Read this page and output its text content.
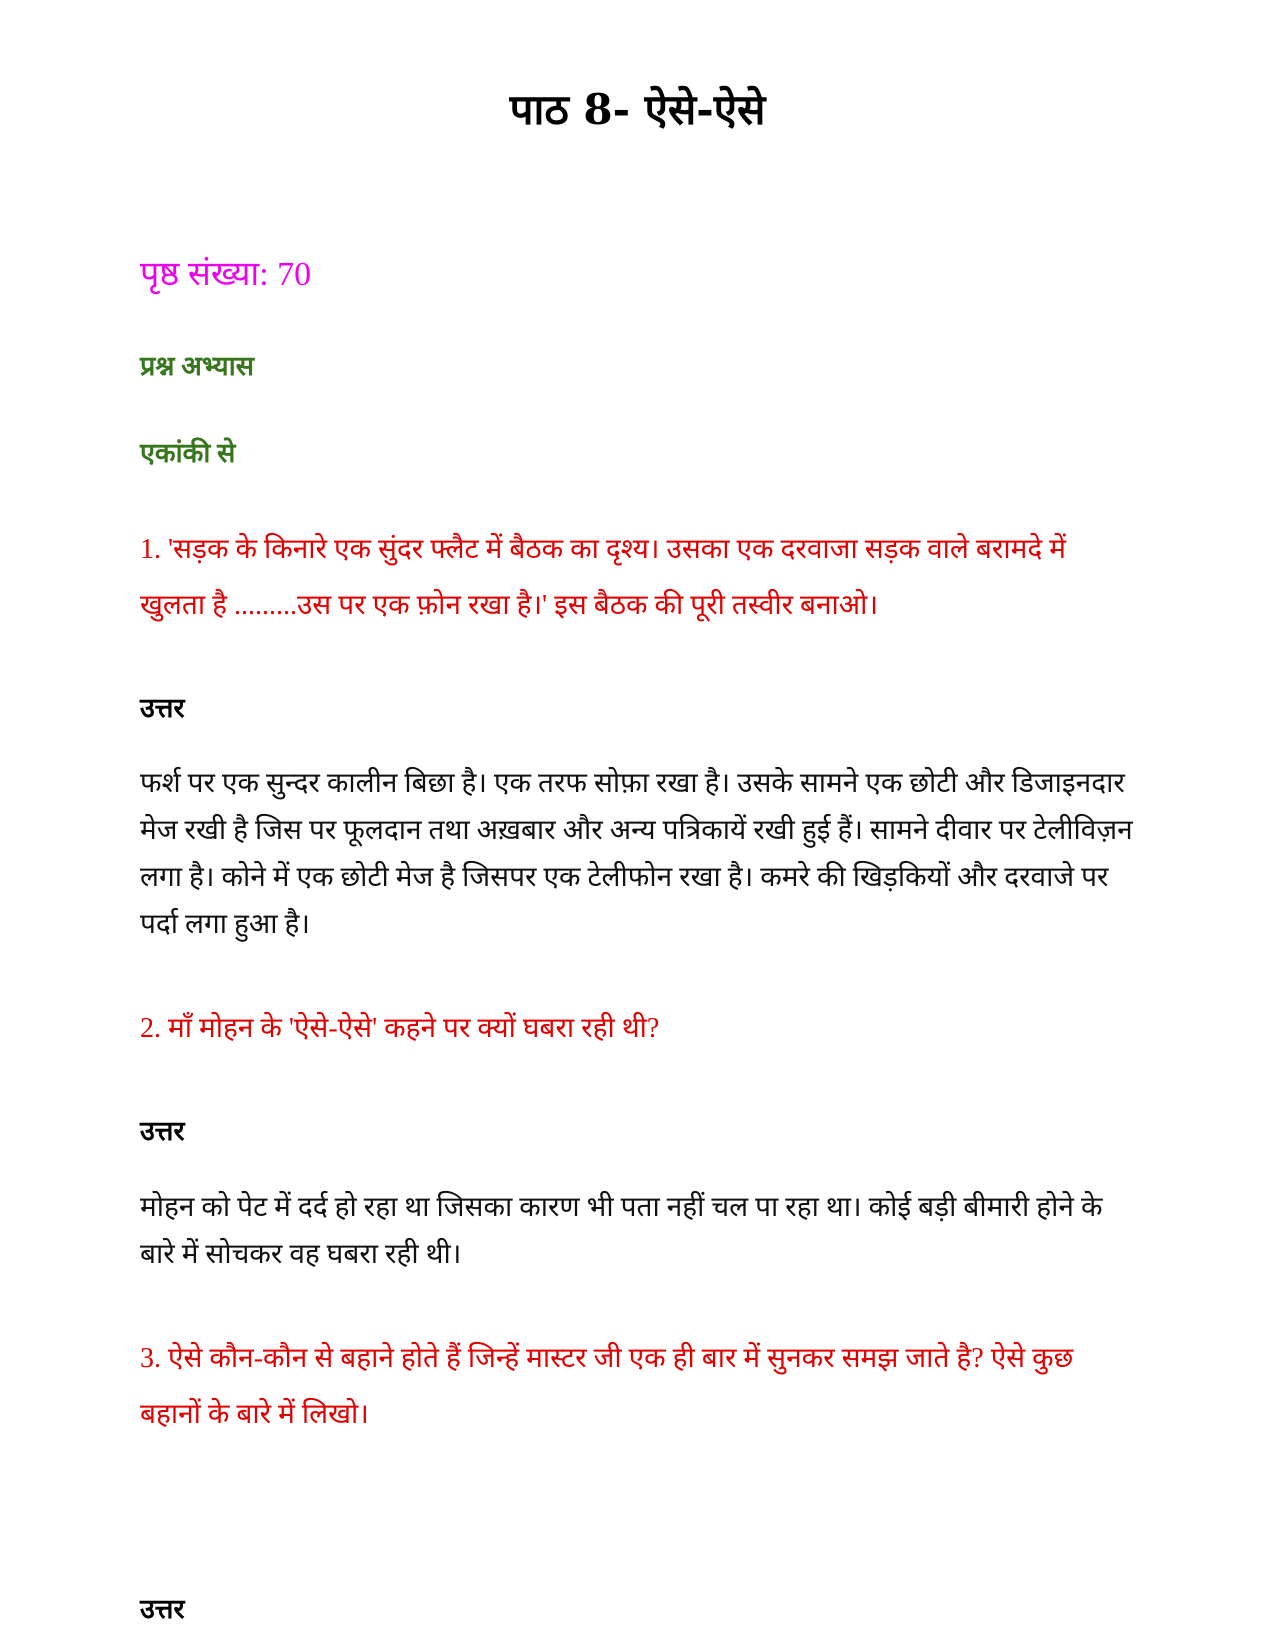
पाठ 8- ऐसे-ऐसे

पृष्ठ संख्या: 70

प्रश्न अभ्यास
एकांकी से

1. 'सड़क के किनारे एक सुंदर फ्लैट में बैठक का दृश्य। उसका एक दरवाजा सड़क वाले बरामदे में खुलता है .........उस पर एक फ़ोन रखा है।' इस बैठक की पूरी तस्वीर बनाओ।

उत्तर

फर्श पर एक सुन्दर कालीन बिछा है। एक तरफ सोफ़ा रखा है। उसके सामने एक छोटी और डिजाइनदार मेज रखी है जिस पर फूलदान तथा अख़बार और अन्य पत्रिकायें रखी हुई हैं। सामने दीवार पर टेलीविज़न लगा है। कोने में एक छोटी मेज है जिसपर एक टेलीफोन रखा है। कमरे की खिड़कियों और दरवाजे पर पर्दा लगा हुआ है।

2. माँ मोहन के 'ऐसे-ऐसे' कहने पर क्यों घबरा रही थी?

उत्तर

मोहन को पेट में दर्द हो रहा था जिसका कारण भी पता नहीं चल पा रहा था। कोई बड़ी बीमारी होने के बारे में सोचकर वह घबरा रही थी।

3. ऐसे कौन-कौन से बहाने होते हैं जिन्हें मास्टर जी एक ही बार में सुनकर समझ जाते है? ऐसे कुछ बहानों के बारे में लिखो।

उत्तर
